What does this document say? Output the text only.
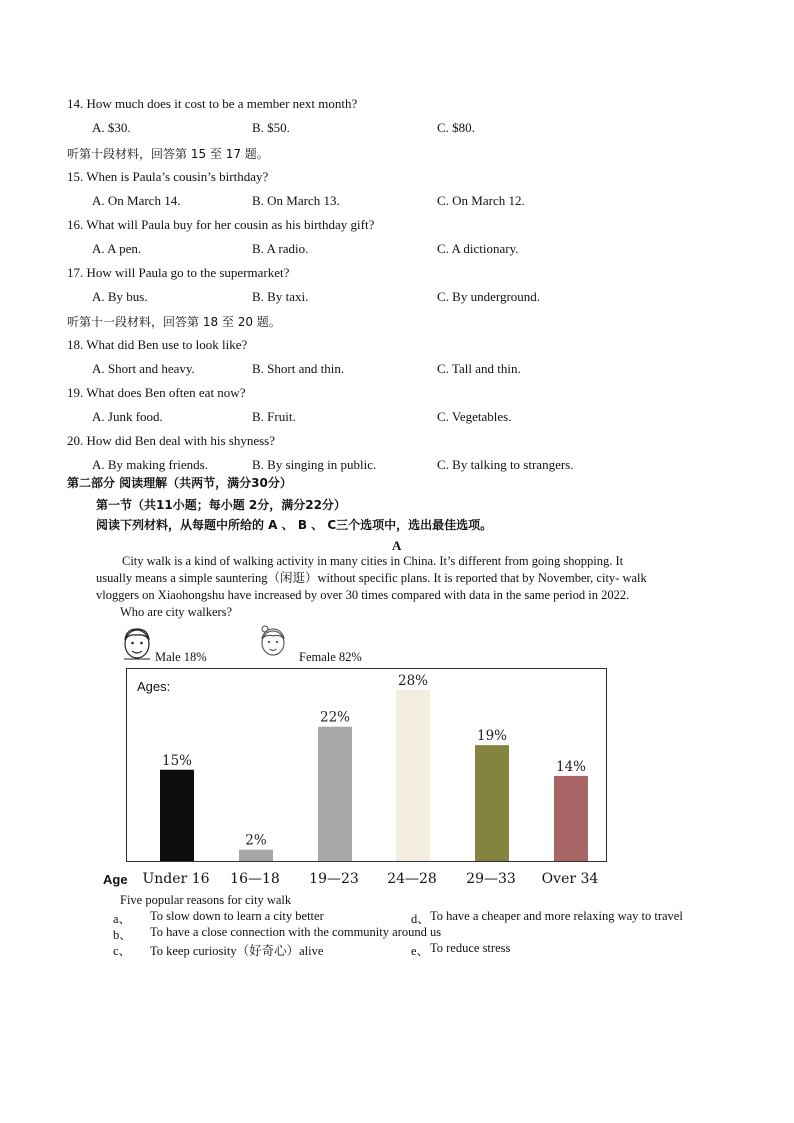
14. How much does it cost to be a member next month?
A. $30.	B. $50.	C. $80.
听第十段材料，回答第 15 至 17 题。
15. When is Paula’s cousin’s birthday?
A. On March 14.	B. On March 13.	C. On March 12.
16. What will Paula buy for her cousin as his birthday gift?
A. A pen.	B. A radio.	C. A dictionary.
17. How will Paula go to the supermarket?
A. By bus.	B. By taxi.	C. By underground.
听第十一段材料，回答第 18 至 20 题。
18. What did Ben use to look like?
A. Short and heavy.	B. Short and thin.	C. Tall and thin.
19. What does Ben often eat now?
A. Junk food.	B. Fruit.	C. Vegetables.
20. How did Ben deal with his shyness?
A. By making friends.	B. By singing in public.	C. By talking to strangers.
第二部分 阅读理解（共两节，满分30分）
第一节（共11小题；每小题 2分，满分22分）
阅读下列材料，从每题中所给的 A 、 B 、 C三个选项中，选出最佳选项。
A

City walk is a kind of walking activity in many cities in China. It’s different from going shopping. It

usually means a simple sauntering（闲逛）without specific plans. It is reported that by November, city- walk

vloggers on Xiaohongshu have increased by over 30 times compared with data in the same period in 2022.

Who are city walkers?
Male 18%	Female 82%
Ages:
15%
2%
22%
28%
19%
14%
Age Under 16 16—18 19—23 24—28 29—33 Over 34
Five popular reasons for city walk
a、 To slow down to learn a city better
b、 To have a close connection with the community around us
c、 To keep curiosity（好奇心）alive
d、 To have a cheaper and more relaxing way to travel
e、 To reduce stress
